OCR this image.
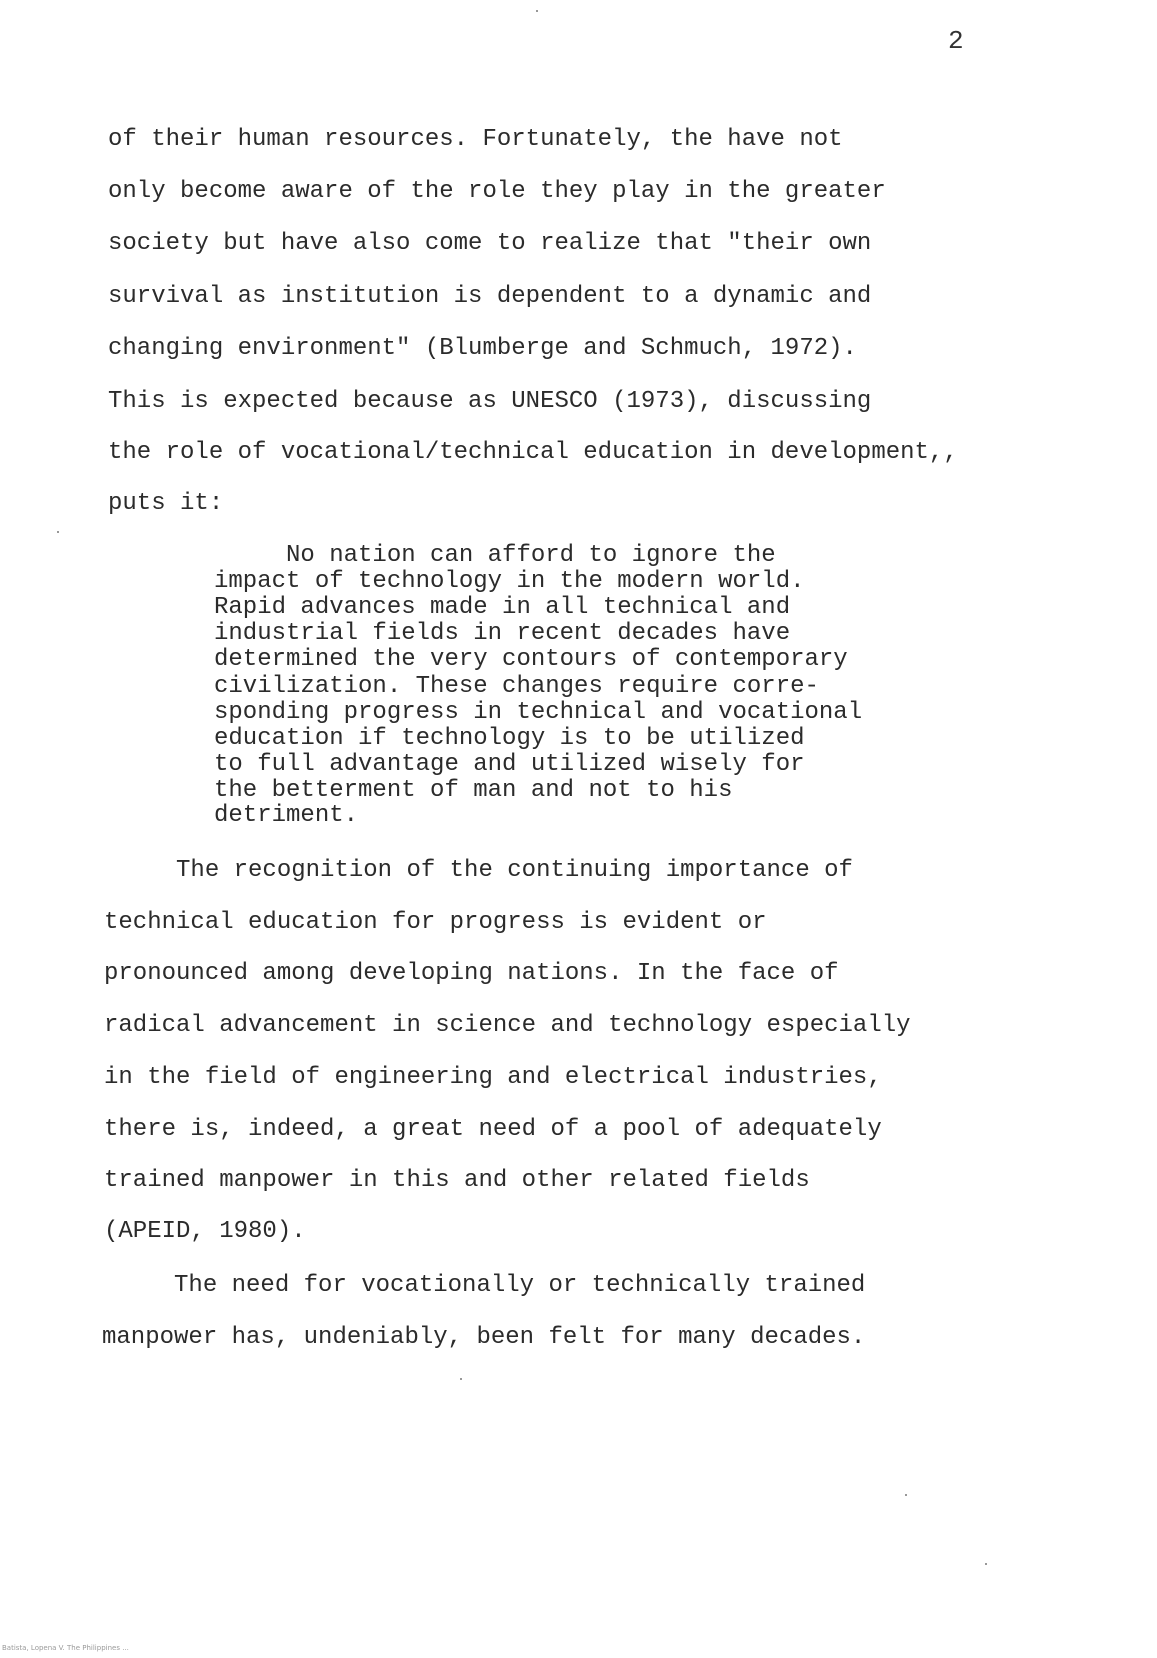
2
of their human resources. Fortunately, the have not
only become aware of the role they play in the greater
society but have also come to realize that "their own
survival as institution is dependent to a dynamic and
changing environment" (Blumberge and Schmuch, 1972).
This is expected because as UNESCO (1973), discussing
the role of vocational/technical education in development,,
puts it:
No nation can afford to ignore the
impact of technology in the modern world.
Rapid advances made in all technical and
industrial fields in recent decades have
determined the very contours of contemporary
civilization. These changes require corre-
sponding progress in technical and vocational
education if technology is to be utilized
to full advantage and utilized wisely for
the betterment of man and not to his
detriment.
The recognition of the continuing importance of
technical education for progress is evident or
pronounced among developing nations. In the face of
radical advancement in science and technology especially
in the field of engineering and electrical industries,
there is, indeed, a great need of a pool of adequately
trained manpower in this and other related fields
(APEID, 1980).
The need for vocationally or technically trained
manpower has, undeniably, been felt for many decades.
Batista, Lopena V. The Philippines ...
